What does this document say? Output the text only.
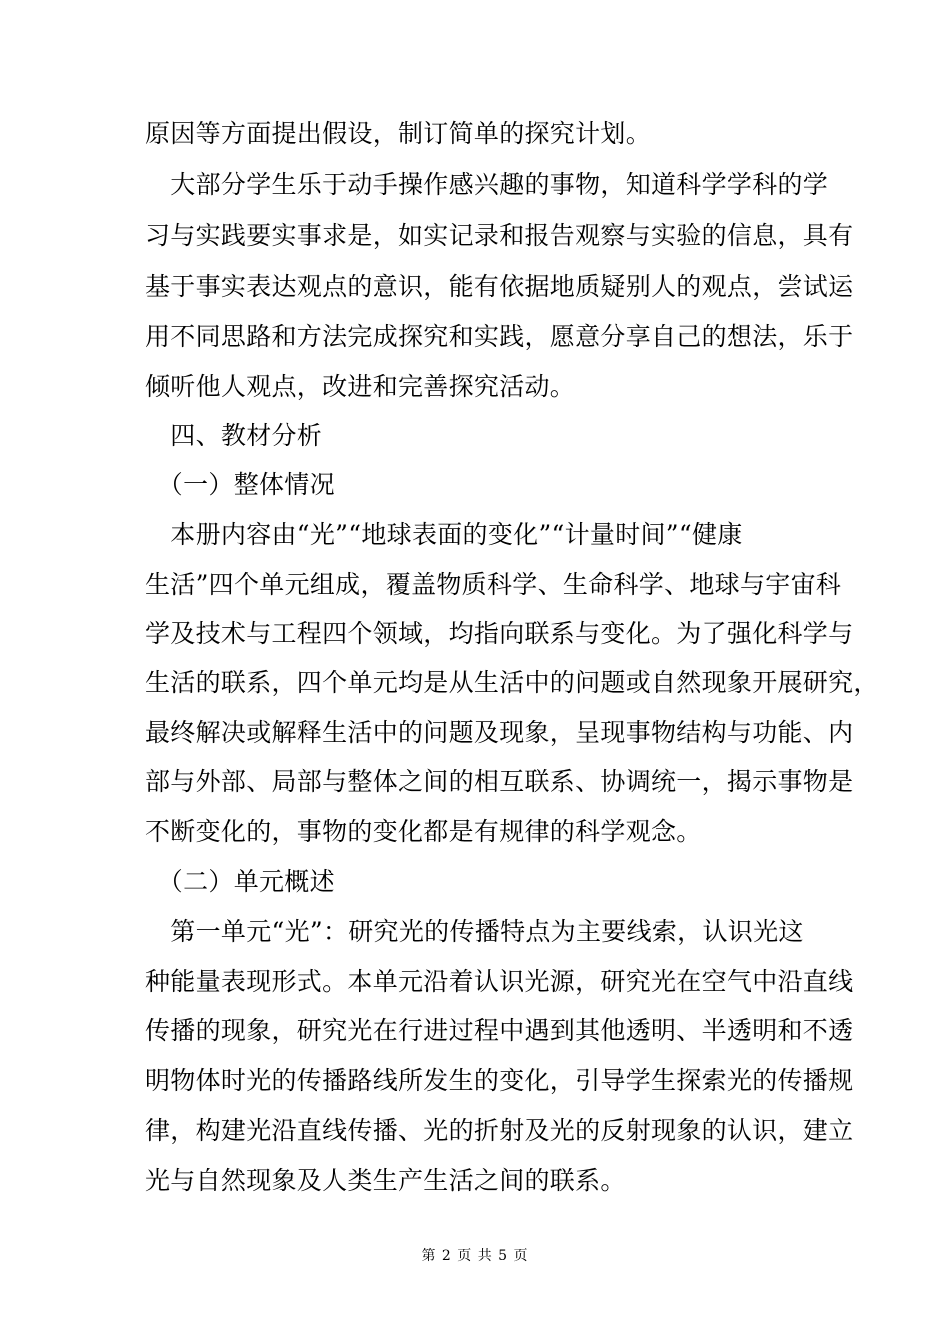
原因等方面提出假设，制订简单的探究计划。
　大部分学生乐于动手操作感兴趣的事物，知道科学学科的学
习与实践要实事求是，如实记录和报告观察与实验的信息，具有
基于事实表达观点的意识，能有依据地质疑别人的观点，尝试运
用不同思路和方法完成探究和实践，愿意分享自己的想法，乐于
倾听他人观点，改进和完善探究活动。
　四、教材分析
　（一）整体情况
　本册内容由“光”“地球表面的变化”“计量时间”“健康
生活”四个单元组成，覆盖物质科学、生命科学、地球与宇宙科
学及技术与工程四个领域，均指向联系与变化。为了强化科学与
生活的联系，四个单元均是从生活中的问题或自然现象开展研究，
最终解决或解释生活中的问题及现象，呈现事物结构与功能、内
部与外部、局部与整体之间的相互联系、协调统一，揭示事物是
不断变化的，事物的变化都是有规律的科学观念。
　（二）单元概述
　第一单元“光”：研究光的传播特点为主要线索，认识光这
种能量表现形式。本单元沿着认识光源，研究光在空气中沿直线
传播的现象，研究光在行进过程中遇到其他透明、半透明和不透
明物体时光的传播路线所发生的变化，引导学生探索光的传播规
律，构建光沿直线传播、光的折射及光的反射现象的认识，建立
光与自然现象及人类生产生活之间的联系。
第 2 页 共 5 页
